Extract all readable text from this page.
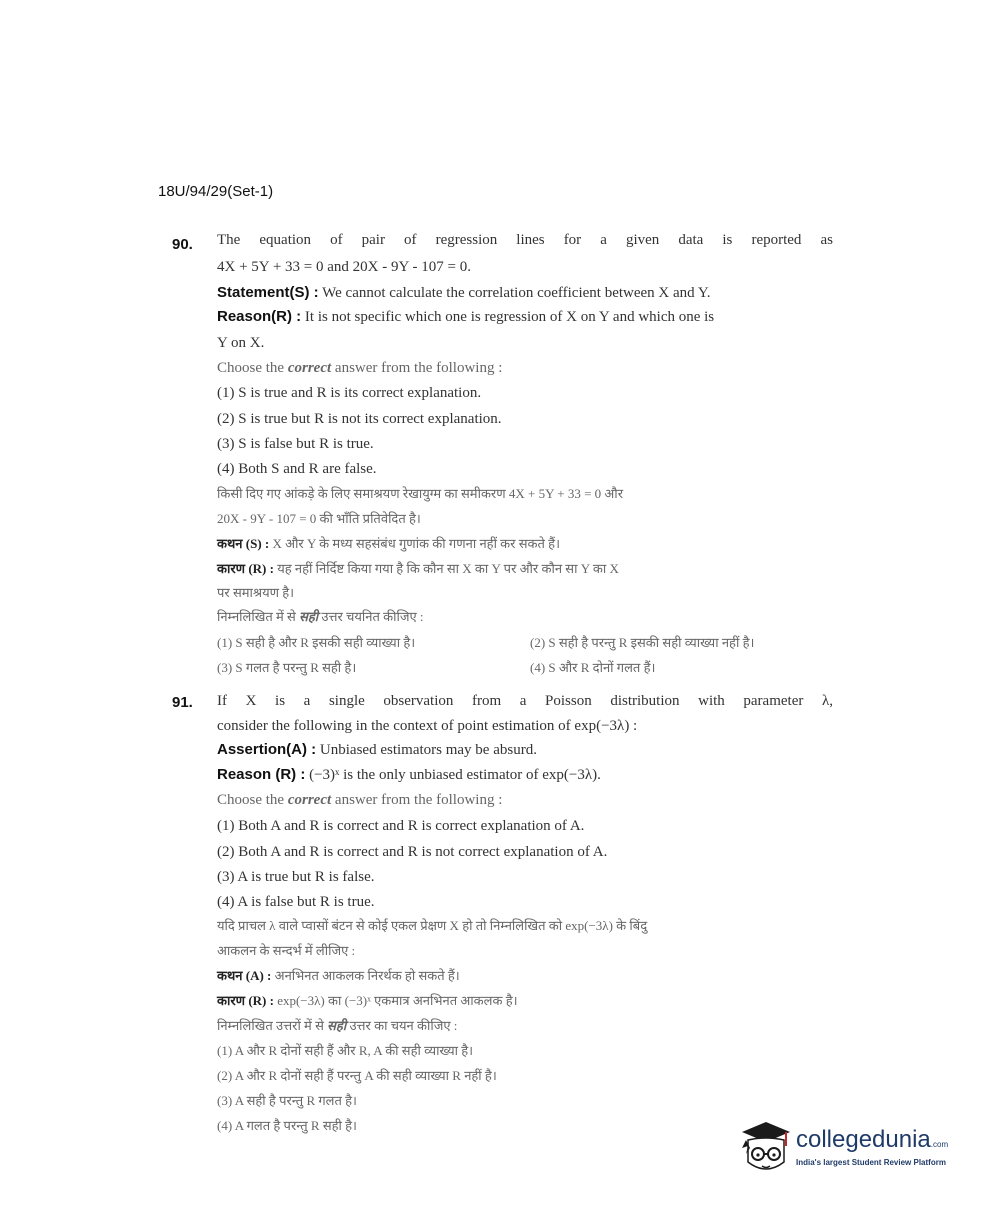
18U/94/29(Set-1)
90. The equation of pair of regression lines for a given data is reported as
4X + 5Y + 33 = 0 and 20X - 9Y - 107 = 0.
Statement(S) : We cannot calculate the correlation coefficient between X and Y.
Reason(R) : It is not specific which one is regression of X on Y and which one is
Y on X.
Choose the correct answer from the following :
(1) S is true and R is its correct explanation.
(2) S is true but R is not its correct explanation.
(3) S is false but R is true.
(4) Both S and R are false.
किसी दिए गए आंकड़े के लिए समाश्रयण रेखायुग्म का समीकरण 4X + 5Y + 33 = 0 और
20X - 9Y - 107 = 0 की भाँति प्रतिवेदित है।
कथन (S) : X और Y के मध्य सहसंबंध गुणांक की गणना नहीं कर सकते हैं।
कारण (R) : यह नहीं निर्दिष्ट किया गया है कि कौन सा X का Y पर और कौन सा Y का X
पर समाश्रयण है।
निम्नलिखित में से सही उत्तर चयनित कीजिए :
(1) S सही है और R इसकी सही व्याख्या है।	(2) S सही है परन्तु R इसकी सही व्याख्या नहीं है।
(3) S गलत है परन्तु R सही है।	(4) S और R दोनों गलत हैं।
91. If X is a single observation from a Poisson distribution with parameter λ,
consider the following in the context of point estimation of exp(−3λ) :
Assertion(A) : Unbiased estimators may be absurd.
Reason (R) : (−3)ˣ is the only unbiased estimator of exp(−3λ).
Choose the correct answer from the following :
(1) Both A and R is correct and R is correct explanation of A.
(2) Both A and R is correct and R is not correct explanation of A.
(3) A is true but R is false.
(4) A is false but R is true.
यदि प्राचल λ वाले प्वासों बंटन से कोई एकल प्रेक्षण X हो तो निम्नलिखित को exp(−3λ) के बिंदु
आकलन के सन्दर्भ में लीजिए :
कथन (A) : अनभिनत आकलक निरर्थक हो सकते हैं।
कारण (R) : exp(−3λ) का (−3)ˣ एकमात्र अनभिनत आकलक है।
निम्नलिखित उत्तरों में से सही उत्तर का चयन कीजिए :
(1) A और R दोनों सही हैं और R, A की सही व्याख्या है।
(2) A और R दोनों सही हैं परन्तु A की सही व्याख्या R नहीं है।
(3) A सही है परन्तु R गलत है।
(4) A गलत है परन्तु R सही है।
collegedunia.com
India's largest Student Review Platform
